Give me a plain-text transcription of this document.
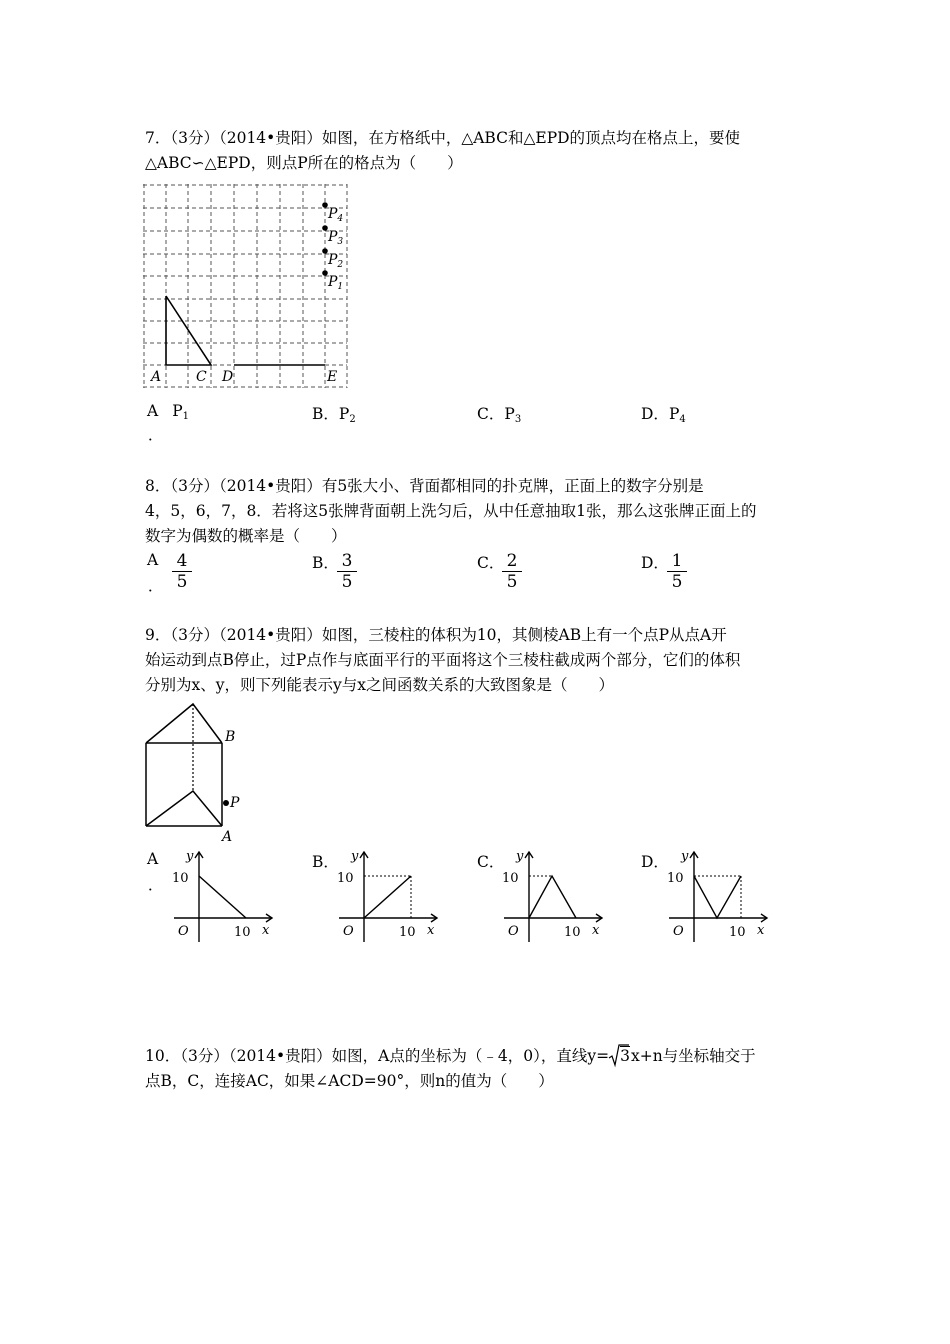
7．（3分）（2014•贵阳）如图，在方格纸中，△ABC和△EPD的顶点均在格点上，要使
△ABC∽△EPD，则点P所在的格点为（　　）
$P_4$
$P_3$
$P_2$
$P_1$
A C D	E
A $P_1$
．
B．$P_2$	C．$P_3$	D．$P_4$
8．（3分）（2014•贵阳）有5张大小、背面都相同的扑克牌，正面上的数字分别是
4，5，6，7，8．若将这5张牌背面朝上洗匀后，从中任意抽取1张，那么这张牌正面上的
数字为偶数的概率是（　　）
A
． $\frac{4}{5}$	B．
$\frac{3}{5}$	C．
$\frac{2}{5}$	D．
$\frac{1}{5}$
9．（3分）（2014•贵阳）如图，三棱柱的体积为10，其侧棱AB上有一个点P从点A开
始运动到点B停止，过P点作与底面平行的平面将这个三棱柱截成两个部分，它们的体积
分别为x、y，则下列能表示y与x之间函数关系的大致图象是（　　）
B
P
A
A
．
B．	C．	D．
y
10
O	10 x
y
10
O	10 x
y
10
O	10 x
y
10
O	10 x
10．（3分）（2014•贵阳）如图，A点的坐标为（﹣4，0），直线y= 3x+n与坐标轴交于
点B，C，连接AC，如果∠ACD=90°，则n的值为（　　）
